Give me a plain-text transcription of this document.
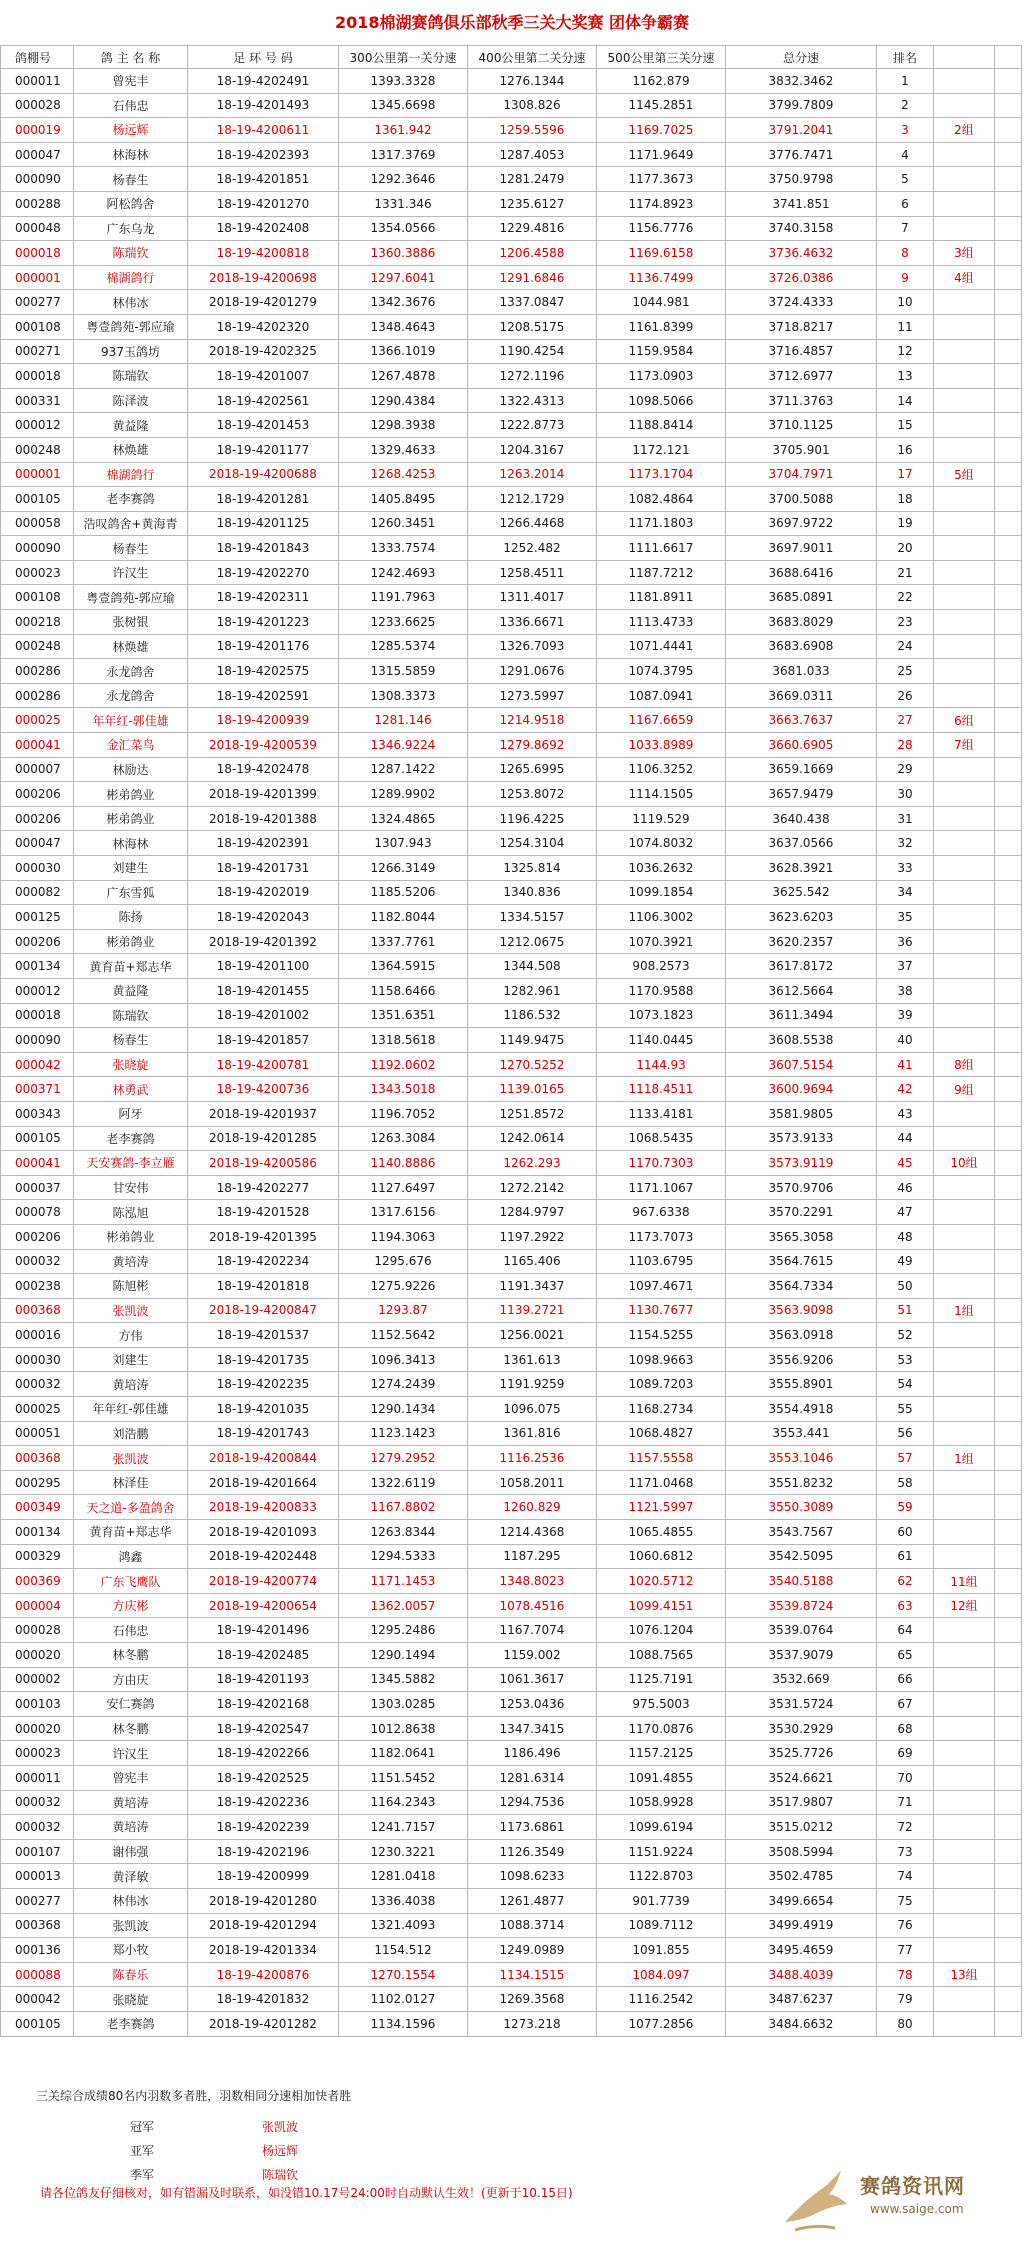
2018棉湖赛鸽俱乐部秋季三关大奖赛 团体争霸赛
鸽棚号	鸽 主 名 称	足 环 号 码	300公里第一关分速	400公里第二关分速	500公里第三关分速	总分速	排名		
000011	曾宪丰	18-19-4202491	1393.3328	1276.1344	1162.879	3832.3462	1		
000028	石伟忠	18-19-4201493	1345.6698	1308.826	1145.2851	3799.7809	2		
000019	杨远辉	18-19-4200611	1361.942	1259.5596	1169.7025	3791.2041	3	2组	
000047	林海林	18-19-4202393	1317.3769	1287.4053	1171.9649	3776.7471	4		
000090	杨春生	18-19-4201851	1292.3646	1281.2479	1177.3673	3750.9798	5		
000288	阿松鸽舍	18-19-4201270	1331.346	1235.6127	1174.8923	3741.851	6		
000048	广东乌龙	18-19-4202408	1354.0566	1229.4816	1156.7776	3740.3158	7		
000018	陈瑞钦	18-19-4200818	1360.3886	1206.4588	1169.6158	3736.4632	8	3组	
000001	棉湖鸽行	2018-19-4200698	1297.6041	1291.6846	1136.7499	3726.0386	9	4组	
000277	林伟冰	2018-19-4201279	1342.3676	1337.0847	1044.981	3724.4333	10		
000108	粤壹鸽苑-郭应瑜	18-19-4202320	1348.4643	1208.5175	1161.8399	3718.8217	11		
000271	937玉鸽坊	2018-19-4202325	1366.1019	1190.4254	1159.9584	3716.4857	12		
000018	陈瑞钦	18-19-4201007	1267.4878	1272.1196	1173.0903	3712.6977	13		
000331	陈泽波	18-19-4202561	1290.4384	1322.4313	1098.5066	3711.3763	14		
000012	黄益隆	18-19-4201453	1298.3938	1222.8773	1188.8414	3710.1125	15		
000248	林焕雄	18-19-4201177	1329.4633	1204.3167	1172.121	3705.901	16		
000001	棉湖鸽行	2018-19-4200688	1268.4253	1263.2014	1173.1704	3704.7971	17	5组	
000105	老李赛鸽	18-19-4201281	1405.8495	1212.1729	1082.4864	3700.5088	18		
000058	浩叹鸽舍+黄海青	18-19-4201125	1260.3451	1266.4468	1171.1803	3697.9722	19		
000090	杨春生	18-19-4201843	1333.7574	1252.482	1111.6617	3697.9011	20		
000023	许汉生	18-19-4202270	1242.4693	1258.4511	1187.7212	3688.6416	21		
000108	粤壹鸽苑-郭应瑜	18-19-4202311	1191.7963	1311.4017	1181.8911	3685.0891	22		
000218	张树银	18-19-4201223	1233.6625	1336.6671	1113.4733	3683.8029	23		
000248	林焕雄	18-19-4201176	1285.5374	1326.7093	1071.4441	3683.6908	24		
000286	永龙鸽舍	18-19-4202575	1315.5859	1291.0676	1074.3795	3681.033	25		
000286	永龙鸽舍	18-19-4202591	1308.3373	1273.5997	1087.0941	3669.0311	26		
000025	年年红-郭佳雄	18-19-4200939	1281.146	1214.9518	1167.6659	3663.7637	27	6组	
000041	金汇菜鸟	2018-19-4200539	1346.9224	1279.8692	1033.8989	3660.6905	28	7组	
000007	林励达	18-19-4202478	1287.1422	1265.6995	1106.3252	3659.1669	29		
000206	彬弟鸽业	2018-19-4201399	1289.9902	1253.8072	1114.1505	3657.9479	30		
000206	彬弟鸽业	2018-19-4201388	1324.4865	1196.4225	1119.529	3640.438	31		
000047	林海林	18-19-4202391	1307.943	1254.3104	1074.8032	3637.0566	32		
000030	刘建生	18-19-4201731	1266.3149	1325.814	1036.2632	3628.3921	33		
000082	广东雪狐	18-19-4202019	1185.5206	1340.836	1099.1854	3625.542	34		
000125	陈扬	18-19-4202043	1182.8044	1334.5157	1106.3002	3623.6203	35		
000206	彬弟鸽业	2018-19-4201392	1337.7761	1212.0675	1070.3921	3620.2357	36		
000134	黄育苗+郑志华	18-19-4201100	1364.5915	1344.508	908.2573	3617.8172	37		
000012	黄益隆	18-19-4201455	1158.6466	1282.961	1170.9588	3612.5664	38		
000018	陈瑞钦	18-19-4201002	1351.6351	1186.532	1073.1823	3611.3494	39		
000090	杨春生	18-19-4201857	1318.5618	1149.9475	1140.0445	3608.5538	40		
000042	张晓旋	18-19-4200781	1192.0602	1270.5252	1144.93	3607.5154	41	8组	
000371	林勇武	18-19-4200736	1343.5018	1139.0165	1118.4511	3600.9694	42	9组	
000343	阿牙	2018-19-4201937	1196.7052	1251.8572	1133.4181	3581.9805	43		
000105	老李赛鸽	2018-19-4201285	1263.3084	1242.0614	1068.5435	3573.9133	44		
000041	天安赛鸽-李立雁	2018-19-4200586	1140.8886	1262.293	1170.7303	3573.9119	45	10组	
000037	甘安伟	18-19-4202277	1127.6497	1272.2142	1171.1067	3570.9706	46		
000078	陈泓旭	18-19-4201528	1317.6156	1284.9797	967.6338	3570.2291	47		
000206	彬弟鸽业	2018-19-4201395	1194.3063	1197.2922	1173.7073	3565.3058	48		
000032	黄培涛	18-19-4202234	1295.676	1165.406	1103.6795	3564.7615	49		
000238	陈旭彬	18-19-4201818	1275.9226	1191.3437	1097.4671	3564.7334	50		
000368	张凯波	2018-19-4200847	1293.87	1139.2721	1130.7677	3563.9098	51	1组	
000016	方伟	18-19-4201537	1152.5642	1256.0021	1154.5255	3563.0918	52		
000030	刘建生	18-19-4201735	1096.3413	1361.613	1098.9663	3556.9206	53		
000032	黄培涛	18-19-4202235	1274.2439	1191.9259	1089.7203	3555.8901	54		
000025	年年红-郭佳雄	18-19-4201035	1290.1434	1096.075	1168.2734	3554.4918	55		
000051	刘浩鹏	18-19-4201743	1123.1423	1361.816	1068.4827	3553.441	56		
000368	张凯波	2018-19-4200844	1279.2952	1116.2536	1157.5558	3553.1046	57	1组	
000295	林泽佳	2018-19-4201664	1322.6119	1058.2011	1171.0468	3551.8232	58		
000349	天之道-多盈鸽舍	2018-19-4200833	1167.8802	1260.829	1121.5997	3550.3089	59		
000134	黄育苗+郑志华	2018-19-4201093	1263.8344	1214.4368	1065.4855	3543.7567	60		
000329	鸿鑫	2018-19-4202448	1294.5333	1187.295	1060.6812	3542.5095	61		
000369	广东飞鹰队	2018-19-4200774	1171.1453	1348.8023	1020.5712	3540.5188	62	11组	
000004	方庆彬	2018-19-4200654	1362.0057	1078.4516	1099.4151	3539.8724	63	12组	
000028	石伟忠	18-19-4201496	1295.2486	1167.7074	1076.1204	3539.0764	64		
000020	林冬鹏	18-19-4202485	1290.1494	1159.002	1088.7565	3537.9079	65		
000002	方由庆	18-19-4201193	1345.5882	1061.3617	1125.7191	3532.669	66		
000103	安仁赛鸽	18-19-4202168	1303.0285	1253.0436	975.5003	3531.5724	67		
000020	林冬鹏	18-19-4202547	1012.8638	1347.3415	1170.0876	3530.2929	68		
000023	许汉生	18-19-4202266	1182.0641	1186.496	1157.2125	3525.7726	69		
000011	曾宪丰	18-19-4202525	1151.5452	1281.6314	1091.4855	3524.6621	70		
000032	黄培涛	18-19-4202236	1164.2343	1294.7536	1058.9928	3517.9807	71		
000032	黄培涛	18-19-4202239	1241.7157	1173.6861	1099.6194	3515.0212	72		
000107	谢伟强	18-19-4202196	1230.3221	1126.3549	1151.9224	3508.5994	73		
000013	黄泽敏	18-19-4200999	1281.0418	1098.6233	1122.8703	3502.4785	74		
000277	林伟冰	2018-19-4201280	1336.4038	1261.4877	901.7739	3499.6654	75		
000368	张凯波	2018-19-4201294	1321.4093	1088.3714	1089.7112	3499.4919	76		
000136	郑小牧	2018-19-4201334	1154.512	1249.0989	1091.855	3495.4659	77		
000088	陈春乐	18-19-4200876	1270.1554	1134.1515	1084.097	3488.4039	78	13组	
000042	张晓旋	18-19-4201832	1102.0127	1269.3568	1116.2542	3487.6237	79		
000105	老李赛鸽	2018-19-4201282	1134.1596	1273.218	1077.2856	3484.6632	80		
三关综合成绩80名内羽数多者胜，羽数相同分速相加快者胜
冠军	张凯波
亚军	杨远辉
季军	陈瑞钦
请各位鸽友仔细核对，如有错漏及时联系，如没错10.17号24:00时自动默认生效！(更新于10.15日)	赛鸽资讯网
www.saige.com
